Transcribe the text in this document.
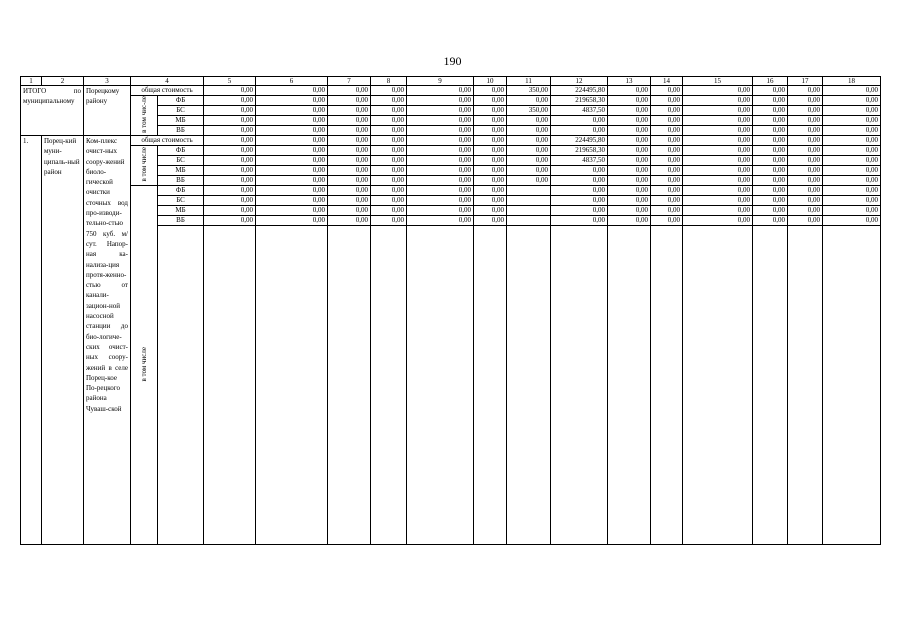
190
1	2	3	4		5	6	7	8	9	10	11	12	13	14	15	16	17	18
ИТОГО по муниципальному		Порецкому району	общая стоимость		0,00	0,00	0,00	0,00	0,00	0,00	350,00	224495,80	0,00	0,00	0,00	0,00	0,00	0,00
			в том чис-ле	ФБ	0,00	0,00	0,00	0,00	0,00	0,00	0,00	219658,30	0,00	0,00	0,00	0,00	0,00	0,00
				БС	0,00	0,00	0,00	0,00	0,00	0,00	350,00	4837,50	0,00	0,00	0,00	0,00	0,00	0,00
				МБ	0,00	0,00	0,00	0,00	0,00	0,00	0,00	0,00	0,00	0,00	0,00	0,00	0,00	0,00
				ВБ	0,00	0,00	0,00	0,00	0,00	0,00	0,00	0,00	0,00	0,00	0,00	0,00	0,00	0,00
1.	Порец-кий муни-ципаль-ный район	Ком-плекс очист-ных соору-жений биоло-гической очистки сточных вод про-изводи-тельно-стью 750 куб. м/сут. Напор-ная ка-нализа-ция протя-женно-стью от канали-зацион-ной насосной станции до био-логиче-ских очист-ных соору-жений в селе Порец-кое По-рецкого района Чуваш-ской	общая стоимость		0,00	0,00	0,00	0,00	0,00	0,00	0,00	224495,80	0,00	0,00	0,00	0,00	0,00	0,00
			в том числе	ФБ	0,00	0,00	0,00	0,00	0,00	0,00	0,00	219658,30	0,00	0,00	0,00	0,00	0,00	0,00
				БС	0,00	0,00	0,00	0,00	0,00	0,00	0,00	4837,50	0,00	0,00	0,00	0,00	0,00	0,00
				МБ	0,00	0,00	0,00	0,00	0,00	0,00	0,00	0,00	0,00	0,00	0,00	0,00	0,00	0,00
				ВБ	0,00	0,00	0,00	0,00	0,00	0,00	0,00	0,00	0,00	0,00	0,00	0,00	0,00	0,00
			в том числе	ФБ	0,00	0,00	0,00	0,00	0,00	0,00		0,00	0,00	0,00	0,00	0,00	0,00	0,00
				БС	0,00	0,00	0,00	0,00	0,00	0,00		0,00	0,00	0,00	0,00	0,00	0,00	0,00
				МБ	0,00	0,00	0,00	0,00	0,00	0,00		0,00	0,00	0,00	0,00	0,00	0,00	0,00
				ВБ	0,00	0,00	0,00	0,00	0,00	0,00		0,00	0,00	0,00	0,00	0,00	0,00	0,00
